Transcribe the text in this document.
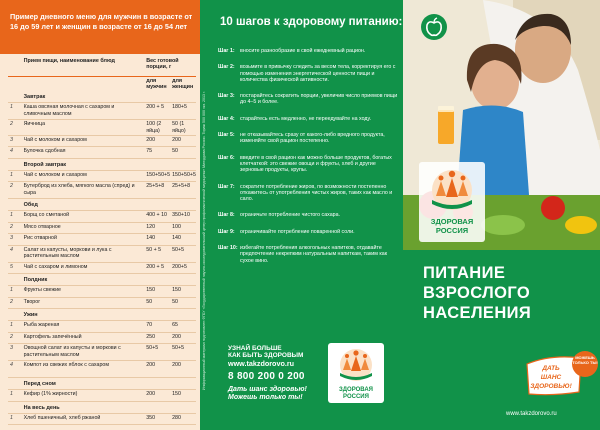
Пример дневного меню для мужчин в возрасте от 16 до 59 лет и женщин в возрасте от 16 до 54 лет
	Прием пищи, наименование блюд	Вес готовой порции, г	
		для мужчин	для женщин
	Завтрак		
1	Каша овсяная молочная с сахаром и сливочным маслом	200 + 5	180+5
2	Яичница	100 (2 яйца)	50 (1 яйцо)
3	Чай с молоком и сахаром	200	200
4	Булочка сдобная	75	50
	Второй завтрак		
1	Чай с молоком и сахаром	150+50+5	150+50+5
2	Бутерброд из хлеба, мягкого масла (спред) и сыра	25+5+8	25+5+8
	Обед		
1	Борщ со сметаной	400 + 10	350+10
2	Мясо отварное	120	100
3	Рис отварной	140	140
4	Салат из капусты, моркови и лука с растительным маслом	50 + 5	50+5
5	Чай с сахаром и лимоном	200 + 5	200+5
	Полдник		
1	Фрукты свежие	150	150
2	Творог	50	50
	Ужин		
1	Рыба жареная	70	65
2	Картофель запечённый	250	200
3	Овощной салат из капусты и моркови с растительным маслом	50+5	50+5
4	Компот из свежих яблок с сахаром	200	200
	Перед сном		
1	Кефир (1% жирности)	200	150
	На весь день		
1	Хлеб пшеничный, хлеб ржаной	350	280
Информационный материал подготовлен ФГБУ «Государственный научно-исследовательский центр профилактической медицины» Минздрава России. Тираж 500 000 экз. 2013 г.
10 шагов к здоровому питанию:
Шаг 1:	вносите разнообразие в свой ежедневный рацион.
Шаг 2:	возьмите в привычку следить за весом тела, корректируя его с помощью изменения энергетической ценности пищи и количества физической активности.
Шаг 3:	постарайтесь сократить порции, увеличив число приемов пищи до 4–5 и более.
Шаг 4:	старайтесь есть медленно, не переедувайте на ходу.
Шаг 5:	не отказывайтесь сразу от какого-либо вредного продукта, изменяйте свой рацион постепенно.
Шаг 6:	введите в свой рацион как можно больше продуктов, богатых клетчаткой: это свежие овощи и фрукты, хлеб и другие зерновые продукты, крупы.
Шаг 7:	сократите потребление жиров, по возможности постепенно откажитесь от употребления чистых жиров, таких как масло и сало.
Шаг 8:	ограничьте потребление чистого сахара.
Шаг 9:	ограничивайте потребление поваренной соли.
Шаг 10: избегайте потребления алкогольных напитков, отдавайте предпочтение некрепким натуральным напиткам, таким как сухое вино.
УЗНАЙ БОЛЬШЕ
КАК БЫТЬ ЗДОРОВЫМ
www.takzdorovo.ru
8 800 200 0 200
Дать шанс здоровью!
Можешь только ты!
ЗДОРОВАЯ
РОССИЯ
ЗДОРОВАЯ
РОССИЯ
ПИТАНИЕ
ВЗРОСЛОГО
НАСЕЛЕНИЯ
ДАТЬ
ШАНС
ЗДОРОВЬЮ!
МОЖЕШЬ ТОЛЬКО ТЫ!
www.takzdorovo.ru
